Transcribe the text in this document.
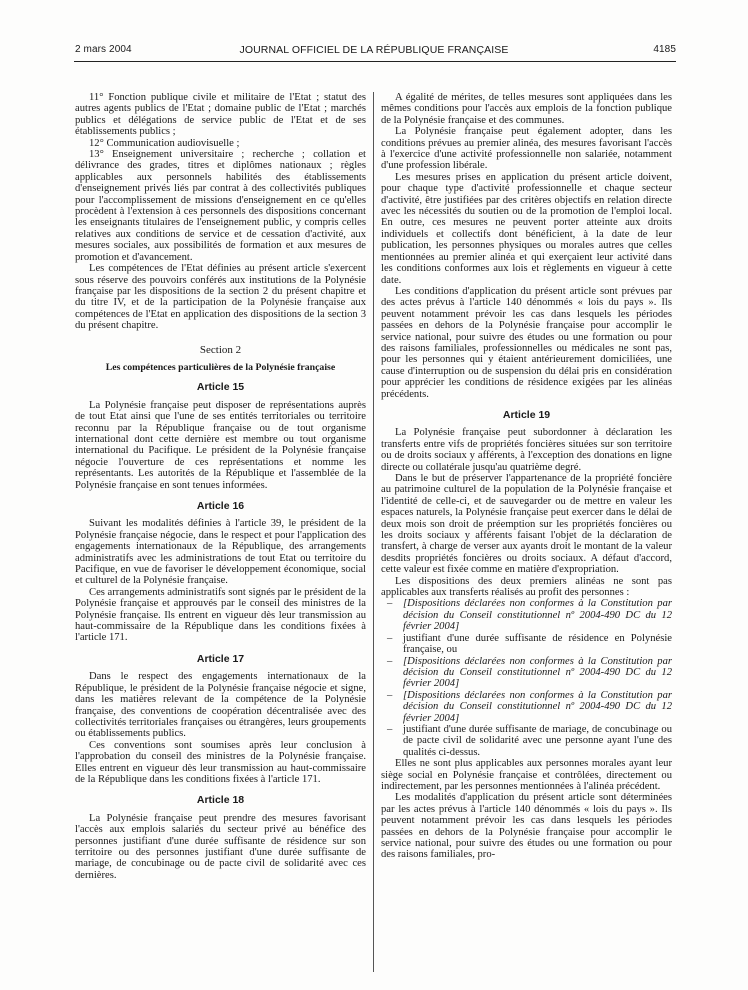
2 mars 2004	JOURNAL OFFICIEL DE LA RÉPUBLIQUE FRANÇAISE	4185

11° Fonction publique civile et militaire de l'Etat ; statut des autres agents publics de l'Etat ; domaine public de l'Etat ; marchés publics et délégations de service public de l'Etat et de ses établissements publics ;

12° Communication audiovisuelle ;

13° Enseignement universitaire ; recherche ; collation et délivrance des grades, titres et diplômes nationaux ; règles applicables aux personnels habilités des établissements d'enseignement privés liés par contrat à des collectivités publiques pour l'accomplissement de missions d'enseignement en ce qu'elles procèdent à l'extension à ces personnels des dispositions concernant les enseignants titulaires de l'enseignement public, y compris celles relatives aux conditions de service et de cessation d'activité, aux mesures sociales, aux possibilités de formation et aux mesures de promotion et d'avancement.

Les compétences de l'Etat définies au présent article s'exercent sous réserve des pouvoirs conférés aux institutions de la Polynésie française par les dispositions de la section 2 du présent chapitre et du titre IV, et de la participation de la Polynésie française aux compétences de l'Etat en application des dispositions de la section 3 du présent chapitre.

Section 2
Les compétences particulières de la Polynésie française
Article 15

La Polynésie française peut disposer de représentations auprès de tout Etat ainsi que l'une de ses entités territoriales ou territoire reconnu par la République française ou de tout organisme international dont cette dernière est membre ou tout organisme international du Pacifique. Le président de la Polynésie française négocie l'ouverture de ces représentations et nomme les représentants. Les autorités de la République et l'assemblée de la Polynésie française en sont tenues informées.

Article 16

Suivant les modalités définies à l'article 39, le président de la Polynésie française négocie, dans le respect et pour l'application des engagements internationaux de la République, des arrangements administratifs avec les administrations de tout Etat ou territoire du Pacifique, en vue de favoriser le développement économique, social et culturel de la Polynésie française.

Ces arrangements administratifs sont signés par le président de la Polynésie française et approuvés par le conseil des ministres de la Polynésie française. Ils entrent en vigueur dès leur transmission au haut-commissaire de la République dans les conditions fixées à l'article 171.

Article 17

Dans le respect des engagements internationaux de la République, le président de la Polynésie française négocie et signe, dans les matières relevant de la compétence de la Polynésie française, des conventions de coopération décentralisée avec des collectivités territoriales françaises ou étrangères, leurs groupements ou établissements publics.

Ces conventions sont soumises après leur conclusion à l'approbation du conseil des ministres de la Polynésie française. Elles entrent en vigueur dès leur transmission au haut-commissaire de la République dans les conditions fixées à l'article 171.

Article 18

La Polynésie française peut prendre des mesures favorisant l'accès aux emplois salariés du secteur privé au bénéfice des personnes justifiant d'une durée suffisante de résidence sur son territoire ou des personnes justifiant d'une durée suffisante de mariage, de concubinage ou de pacte civil de solidarité avec ces dernières.

A égalité de mérites, de telles mesures sont appliquées dans les mêmes conditions pour l'accès aux emplois de la fonction publique de la Polynésie française et des communes.

La Polynésie française peut également adopter, dans les conditions prévues au premier alinéa, des mesures favorisant l'accès à l'exercice d'une activité professionnelle non salariée, notamment d'une profession libérale.

Les mesures prises en application du présent article doivent, pour chaque type d'activité professionnelle et chaque secteur d'activité, être justifiées par des critères objectifs en relation directe avec les nécessités du soutien ou de la promotion de l'emploi local. En outre, ces mesures ne peuvent porter atteinte aux droits individuels et collectifs dont bénéficient, à la date de leur publication, les personnes physiques ou morales autres que celles mentionnées au premier alinéa et qui exerçaient leur activité dans les conditions conformes aux lois et règlements en vigueur à cette date.

Les conditions d'application du présent article sont prévues par des actes prévus à l'article 140 dénommés « lois du pays ». Ils peuvent notamment prévoir les cas dans lesquels les périodes passées en dehors de la Polynésie française pour accomplir le service national, pour suivre des études ou une formation ou pour des raisons familiales, professionnelles ou médicales ne sont pas, pour les personnes qui y étaient antérieurement domiciliées, une cause d'interruption ou de suspension du délai pris en considération pour apprécier les conditions de résidence exigées par les alinéas précédents.

Article 19

La Polynésie française peut subordonner à déclaration les transferts entre vifs de propriétés foncières situées sur son territoire ou de droits sociaux y afférents, à l'exception des donations en ligne directe ou collatérale jusqu'au quatrième degré.

Dans le but de préserver l'appartenance de la propriété foncière au patrimoine culturel de la population de la Polynésie française et l'identité de celle-ci, et de sauvegarder ou de mettre en valeur les espaces naturels, la Polynésie française peut exercer dans le délai de deux mois son droit de préemption sur les propriétés foncières ou les droits sociaux y afférents faisant l'objet de la déclaration de transfert, à charge de verser aux ayants droit le montant de la valeur desdits propriétés foncières ou droits sociaux. A défaut d'accord, cette valeur est fixée comme en matière d'expropriation.

Les dispositions des deux premiers alinéas ne sont pas applicables aux transferts réalisés au profit des personnes :

– [Dispositions déclarées non conformes à la Constitution par décision du Conseil constitutionnel nº 2004-490 DC du 12 février 2004]
– justifiant d'une durée suffisante de résidence en Polynésie française, ou
– [Dispositions déclarées non conformes à la Constitution par décision du Conseil constitutionnel nº 2004-490 DC du 12 février 2004]
– [Dispositions déclarées non conformes à la Constitution par décision du Conseil constitutionnel nº 2004-490 DC du 12 février 2004]
– justifiant d'une durée suffisante de mariage, de concubinage ou de pacte civil de solidarité avec une personne ayant l'une des qualités ci-dessus.

Elles ne sont plus applicables aux personnes morales ayant leur siège social en Polynésie française et contrôlées, directement ou indirectement, par les personnes mentionnées à l'alinéa précédent.

Les modalités d'application du présent article sont déterminées par les actes prévus à l'article 140 dénommés « lois du pays ». Ils peuvent notamment prévoir les cas dans lesquels les périodes passées en dehors de la Polynésie française pour accomplir le service national, pour suivre des études ou une formation ou pour des raisons familiales, pro-
